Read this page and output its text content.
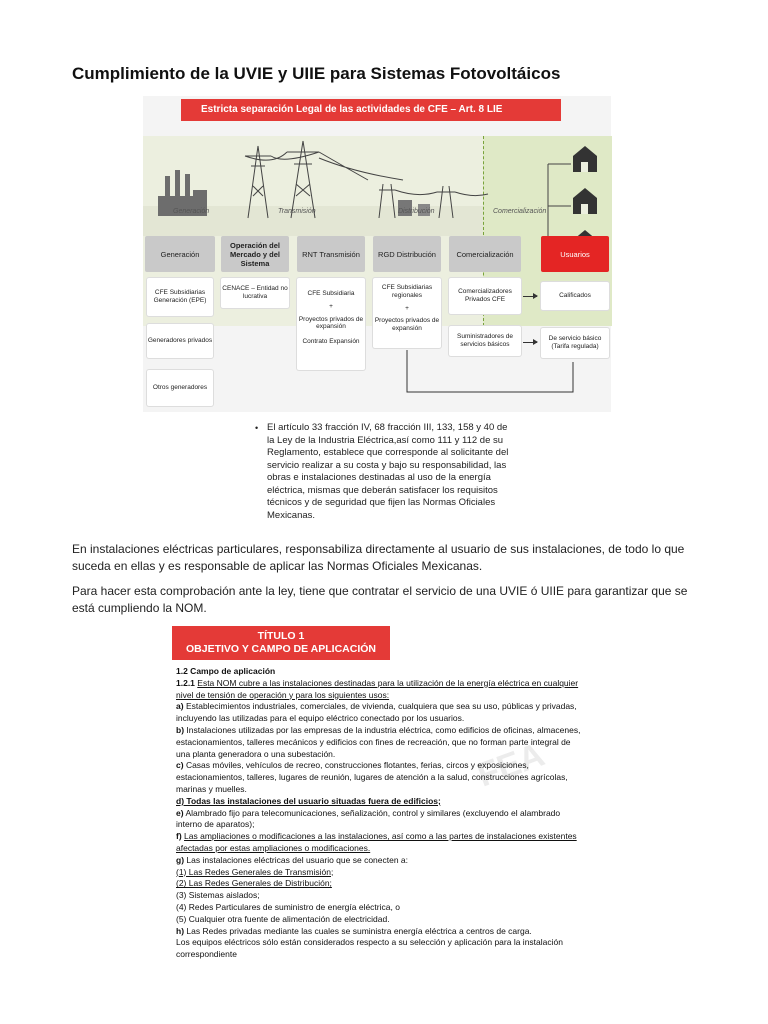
Cumplimiento de la UVIE y UIIE para Sistemas Fotovoltáicos
Estricta separación Legal de las actividades de CFE – Art. 8 LIE
Generación	Transmisión	Distribución	Comercialización
Generación
Operación del Mercado y del Sistema
RNT Transmisión	RGD Distribución	Comercialización	Usuarios
CFE Subsidiarias Generación (EPE)
Generadores privados
Otros generadores
CENACE – Entidad no lucrativa	CFE Subsidiaria
+
Proyectos privados de expansión
Contrato Expansión
CFE Subsidiarias regionales
+
Proyectos privados de expansión
Comercializadores Privados CFE
Suministradores de servicios básicos
Calificados
De servicio básico (Tarifa regulada)
• El artículo 33 fracción IV, 68 fracción III, 133, 158 y 40 de la Ley de la Industria Eléctrica,así como 111 y 112 de su Reglamento, establece que corresponde al solicitante del servicio realizar a su costa y bajo su responsabilidad, las obras e instalaciones destinadas al uso de la energía eléctrica, mismas que deberán satisfacer los requisitos técnicos y de seguridad que fijen las Normas Oficiales Mexicanas.
En instalaciones eléctricas particulares, responsabiliza directamente al usuario de sus instalaciones, de todo lo que suceda en ellas y es responsable de aplicar las Normas Oficiales Mexicanas.
Para hacer esta comprobación ante la ley, tiene que contratar el servicio de una UVIE ó UIIE para garantizar que se está cumpliendo la NOM.
TÍTULO 1
OBJETIVO Y CAMPO DE APLICACIÓN
FEA

1.2 Campo de aplicación

1.2.1 Esta NOM cubre a las instalaciones destinadas para la utilización de la energía eléctrica en cualquier nivel de tensión de operación y para los siguientes usos:

a) Establecimientos industriales, comerciales, de vivienda, cualquiera que sea su uso, públicas y privadas, incluyendo las utilizadas para el equipo eléctrico conectado por los usuarios.

b) Instalaciones utilizadas por las empresas de la industria eléctrica, como edificios de oficinas, almacenes, estacionamientos, talleres mecánicos y edificios con fines de recreación, que no forman parte integral de una planta generadora o una subestación.

c) Casas móviles, vehículos de recreo, construcciones flotantes, ferias, circos y exposiciones, estacionamientos, talleres, lugares de reunión, lugares de atención a la salud, construcciones agrícolas, marinas y muelles.

d) Todas las instalaciones del usuario situadas fuera de edificios;

e) Alambrado fijo para telecomunicaciones, señalización, control y similares (excluyendo el alambrado interno de aparatos);

f) Las ampliaciones o modificaciones a las instalaciones, así como a las partes de instalaciones existentes afectadas por estas ampliaciones o modificaciones.

g) Las instalaciones eléctricas del usuario que se conecten a:

(1) Las Redes Generales de Transmisión;

(2) Las Redes Generales de Distribución;

(3) Sistemas aislados;

(4) Redes Particulares de suministro de energía eléctrica, o

(5) Cualquier otra fuente de alimentación de electricidad.

h) Las Redes privadas mediante las cuales se suministra energía eléctrica a centros de carga.

Los equipos eléctricos sólo están considerados respecto a su selección y aplicación para la instalación correspondiente
